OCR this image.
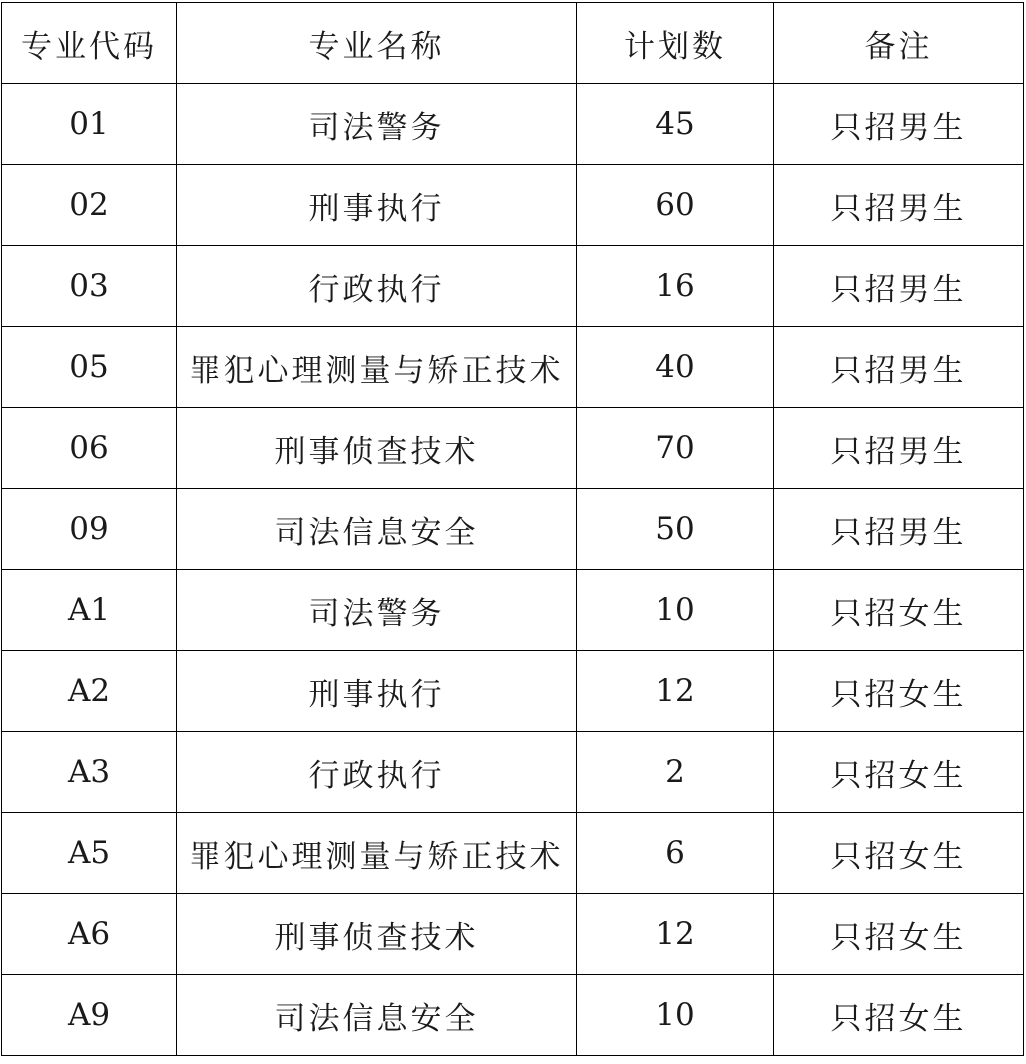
专业代码	专业名称	计划数	备注
01	司法警务	45	只招男生
02	刑事执行	60	只招男生
03	行政执行	16	只招男生
05	罪犯心理测量与矫正技术	40	只招男生
06	刑事侦查技术	70	只招男生
09	司法信息安全	50	只招男生
A1	司法警务	10	只招女生
A2	刑事执行	12	只招女生
A3	行政执行	2	只招女生
A5	罪犯心理测量与矫正技术	6	只招女生
A6	刑事侦查技术	12	只招女生
A9	司法信息安全	10	只招女生
